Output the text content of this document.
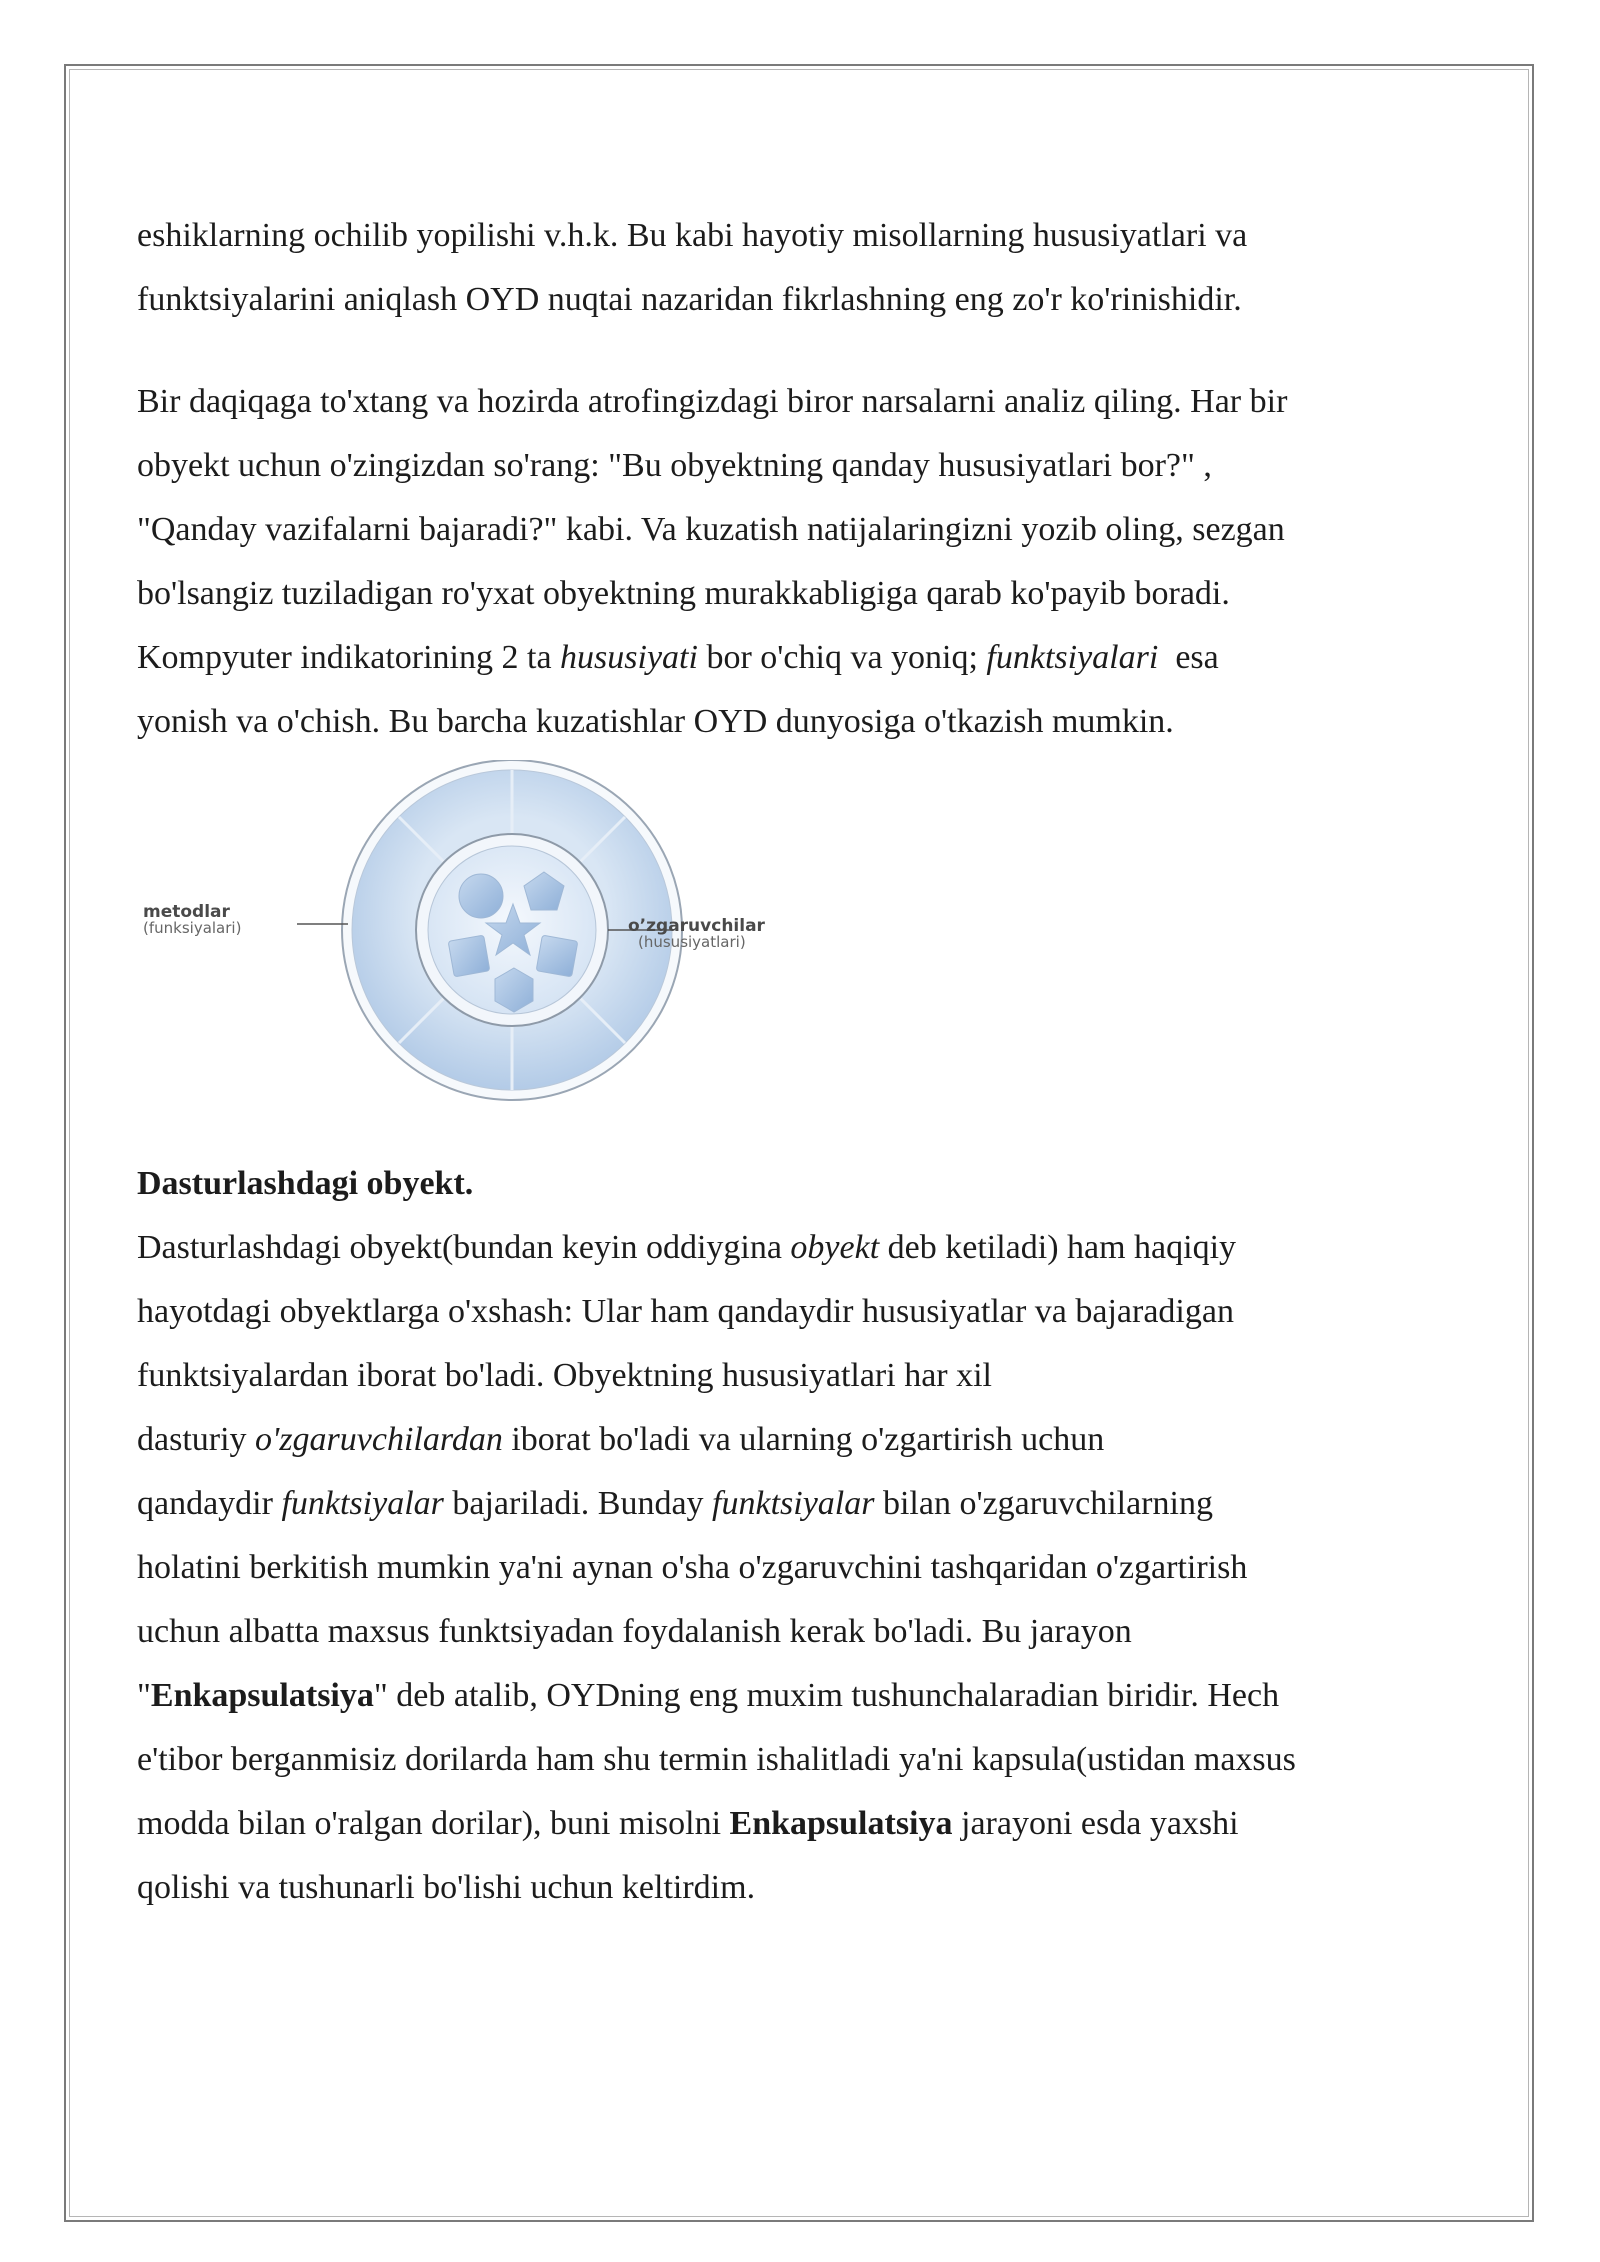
eshiklarning ochilib yopilishi v.h.k. Bu kabi hayotiy misollarning hususiyatlari va
funktsiyalarini aniqlash OYD nuqtai nazaridan fikrlashning eng zo'r ko'rinishidir.

Bir daqiqaga to'xtang va hozirda atrofingizdagi biror narsalarni analiz qiling. Har bir
obyekt uchun o'zingizdan so'rang: "Bu obyektning qanday hususiyatlari bor?" ,
"Qanday vazifalarni bajaradi?" kabi. Va kuzatish natijalaringizni yozib oling, sezgan
bo'lsangiz tuziladigan ro'yxat obyektning murakkabligiga qarab ko'payib boradi.
Kompyuter indikatorining 2 ta hususiyati bor o'chiq va yoniq; funktsiyalari  esa
yonish va o'chish. Bu barcha kuzatishlar OYD dunyosiga o'tkazish mumkin.

metodlar
(funksiyalari)	o’zgaruvchilar
(hususiyatlari)

Dasturlashdagi obyekt.

Dasturlashdagi obyekt(bundan keyin oddiygina obyekt deb ketiladi) ham haqiqiy
hayotdagi obyektlarga o'xshash: Ular ham qandaydir hususiyatlar va bajaradigan
funktsiyalardan iborat bo'ladi. Obyektning hususiyatlari har xil
dasturiy o'zgaruvchilardan iborat bo'ladi va ularning o'zgartirish uchun
qandaydir funktsiyalar bajariladi. Bunday funktsiyalar bilan o'zgaruvchilarning
holatini berkitish mumkin ya'ni aynan o'sha o'zgaruvchini tashqaridan o'zgartirish
uchun albatta maxsus funktsiyadan foydalanish kerak bo'ladi. Bu jarayon
"Enkapsulatsiya" deb atalib, OYDning eng muxim tushunchalaradian biridir. Hech
e'tibor berganmisiz dorilarda ham shu termin ishalitladi ya'ni kapsula(ustidan maxsus
modda bilan o'ralgan dorilar), buni misolni Enkapsulatsiya jarayoni esda yaxshi
qolishi va tushunarli bo'lishi uchun keltirdim.
